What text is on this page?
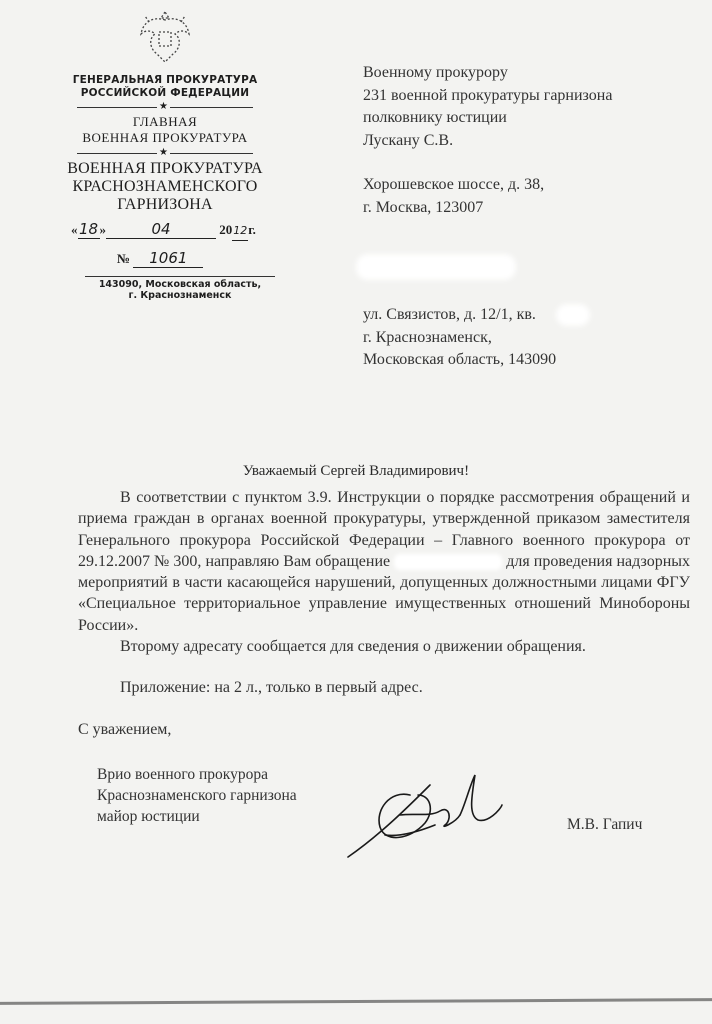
ГЕНЕРАЛЬНАЯ ПРОКУРАТУРА
РОССИЙСКОЙ ФЕДЕРАЦИИ
★
ГЛАВНАЯ
ВОЕННАЯ ПРОКУРАТУРА
★
ВОЕННАЯ ПРОКУРАТУРА
КРАСНОЗНАМЕНСКОГО
ГАРНИЗОНА
«18»	04	2012г.
№ 1061
143090, Московская область,
г. Краснознаменск
Военному прокурору
231 военной прокуратуры гарнизона
полковнику юстиции
Лускану С.В.
Хорошевское шоссе, д. 38,
г. Москва, 123007
ул. Связистов, д. 12/1, кв.
г. Краснознаменск,
Московская область, 143090
Уважаемый Сергей Владимирович!

В соответствии с пунктом 3.9. Инструкции о порядке рассмотрения обращений и приема граждан в органах военной прокуратуры, утвержденной приказом заместителя Генерального прокурора Российской Федерации – Главного военного прокурора от 29.12.2007 № 300, направляю Вам обращение	для проведения надзорных мероприятий в части касающейся нарушений, допущенных должностными лицами ФГУ «Специальное территориальное управление имущественных отношений Минобороны России».

Второму адресату сообщается для сведения о движении обращения.

Приложение: на 2 л., только в первый адрес.

С уважением,

Врио военного прокурора
Краснознаменского гарнизона
майор юстиции	М.В. Гапич
